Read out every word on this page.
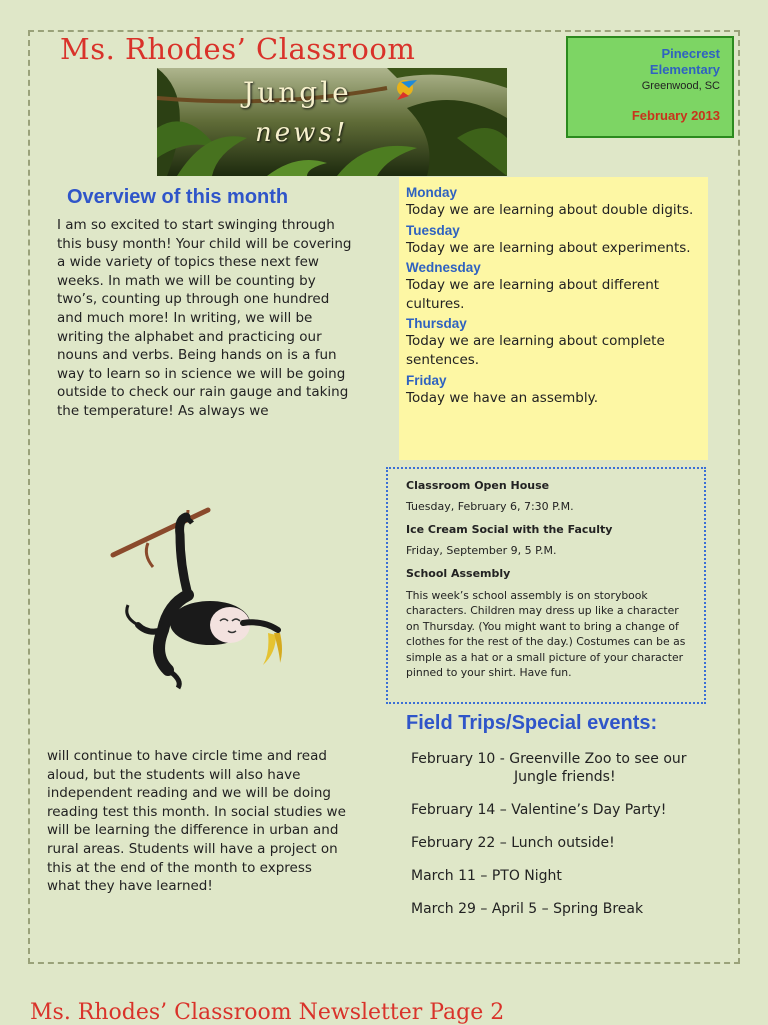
Ms. Rhodes’ Classroom
Jungle
news!
Pinecrest
Elementary
Greenwood, SC
February 2013
Overview of this month
I am so excited to start swinging through this busy month! Your child will be covering a wide variety of topics these next few weeks. In math we will be counting by two’s, counting up through one hundred and much more! In writing, we will be writing the alphabet and practicing our nouns and verbs. Being hands on is a fun way to learn so in science we will be going outside to check our rain gauge and taking the temperature! As always we
Monday
Today we are learning about double digits.
Tuesday
Today we are learning about experiments.
Wednesday
Today we are learning about different cultures.
Thursday
Today we are learning about complete sentences.
Friday
Today we have an assembly.
Classroom Open House
Tuesday, February 6, 7:30 P.M.
Ice Cream Social with the Faculty
Friday, September 9, 5 P.M.
School Assembly
This week’s school assembly is on storybook characters. Children may dress up like a character on Thursday. (You might want to bring a change of clothes for the rest of the day.) Costumes can be as simple as a hat or a small picture of your character pinned to your shirt. Have fun.
will continue to have circle time and read aloud, but the students will also have independent reading and we will be doing reading test this month. In social studies we will be learning the difference in urban and rural areas. Students will have a project on this at the end of the month to express what they have learned!
Field Trips/Special events:
February 10 - Greenville Zoo to see our
Jungle friends!
February 14 – Valentine’s Day Party!
February 22 – Lunch outside!
March 11 – PTO Night
March 29 – April 5 – Spring Break
Ms. Rhodes’ Classroom Newsletter Page 2
